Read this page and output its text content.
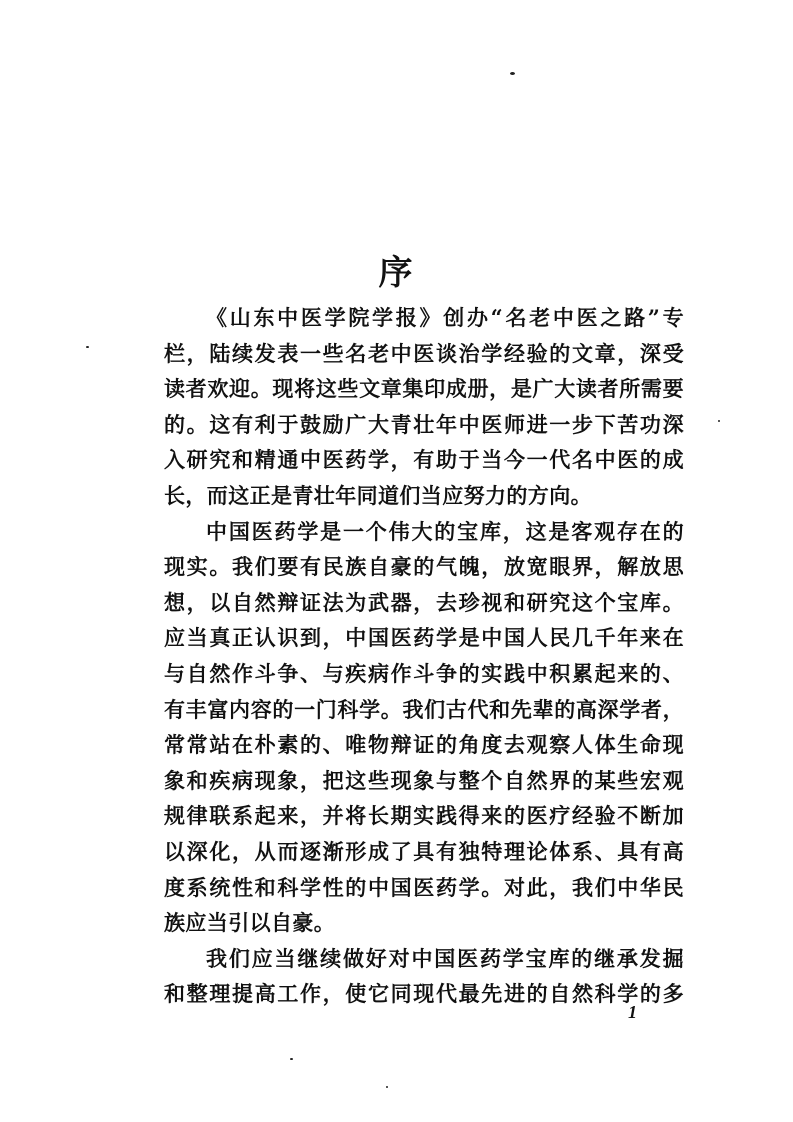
序
《山东中医学院学报》创办“名老中医之路”专
栏，陆续发表一些名老中医谈治学经验的文章，深受
读者欢迎。现将这些文章集印成册，是广大读者所需要
的。这有利于鼓励广大青壮年中医师进一步下苦功深
入研究和精通中医药学，有助于当今一代名中医的成
长，而这正是青壮年同道们当应努力的方向。
中国医药学是一个伟大的宝库，这是客观存在的
现实。我们要有民族自豪的气魄，放宽眼界，解放思
想，以自然辩证法为武器，去珍视和研究这个宝库。
应当真正认识到，中国医药学是中国人民几千年来在
与自然作斗争、与疾病作斗争的实践中积累起来的、
有丰富内容的一门科学。我们古代和先辈的高深学者，
常常站在朴素的、唯物辩证的角度去观察人体生命现
象和疾病现象，把这些现象与整个自然界的某些宏观
规律联系起来，并将长期实践得来的医疗经验不断加
以深化，从而逐渐形成了具有独特理论体系、具有高
度系统性和科学性的中国医药学。对此，我们中华民
族应当引以自豪。
我们应当继续做好对中国医药学宝库的继承发掘
和整理提高工作，使它同现代最先进的自然科学的多
1
